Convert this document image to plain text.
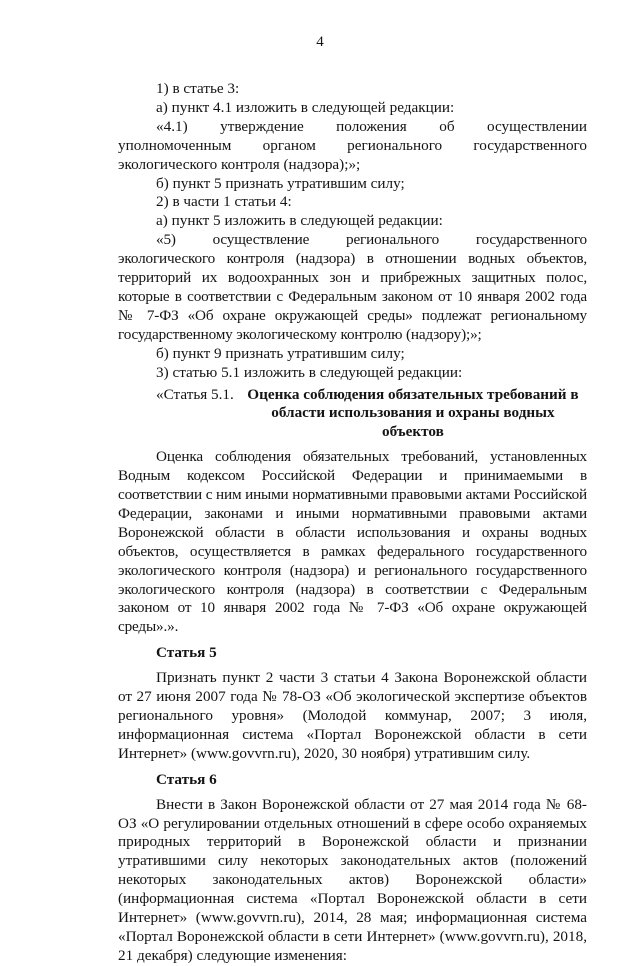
4

1) в статье 3:

а) пункт 4.1 изложить в следующей редакции:

«4.1) утверждение положения об осуществлении уполномоченным органом регионального государственного экологического контроля (надзора);»;

б) пункт 5 признать утратившим силу;

2) в части 1 статьи 4:

а) пункт 5 изложить в следующей редакции:

«5) осуществление регионального государственного экологического контроля (надзора) в отношении водных объектов, территорий их водоохранных зон и прибрежных защитных полос, которые в соответствии с Федеральным законом от 10 января 2002 года № 7-ФЗ «Об охране окружающей среды» подлежат региональному государственному экологическому контролю (надзору);»;

б) пункт 9 признать утратившим силу;

3) статью 5.1 изложить в следующей редакции:

«Статья 5.1. Оценка соблюдения обязательных требований в области использования и охраны водных объектов

Оценка соблюдения обязательных требований, установленных Водным кодексом Российской Федерации и принимаемыми в соответствии с ним иными нормативными правовыми актами Российской Федерации, законами и иными нормативными правовыми актами Воронежской области в области использования и охраны водных объектов, осуществляется в рамках федерального государственного экологического контроля (надзора) и регионального государственного экологического контроля (надзора) в соответствии с Федеральным законом от 10 января 2002 года № 7-ФЗ «Об охране окружающей среды».».

Статья 5

Признать пункт 2 части 3 статьи 4 Закона Воронежской области от 27 июня 2007 года № 78-ОЗ «Об экологической экспертизе объектов регионального уровня» (Молодой коммунар, 2007; 3 июля, информационная система «Портал Воронежской области в сети Интернет» (www.govvrn.ru), 2020, 30 ноября) утратившим силу.

Статья 6

Внести в Закон Воронежской области от 27 мая 2014 года № 68-ОЗ «О регулировании отдельных отношений в сфере особо охраняемых природных территорий в Воронежской области и признании утратившими силу некоторых законодательных актов (положений некоторых законодательных актов) Воронежской области» (информационная система «Портал Воронежской области в сети Интернет» (www.govvrn.ru), 2014, 28 мая; информационная система «Портал Воронежской области в сети Интернет» (www.govvrn.ru), 2018, 21 декабря) следующие изменения:
